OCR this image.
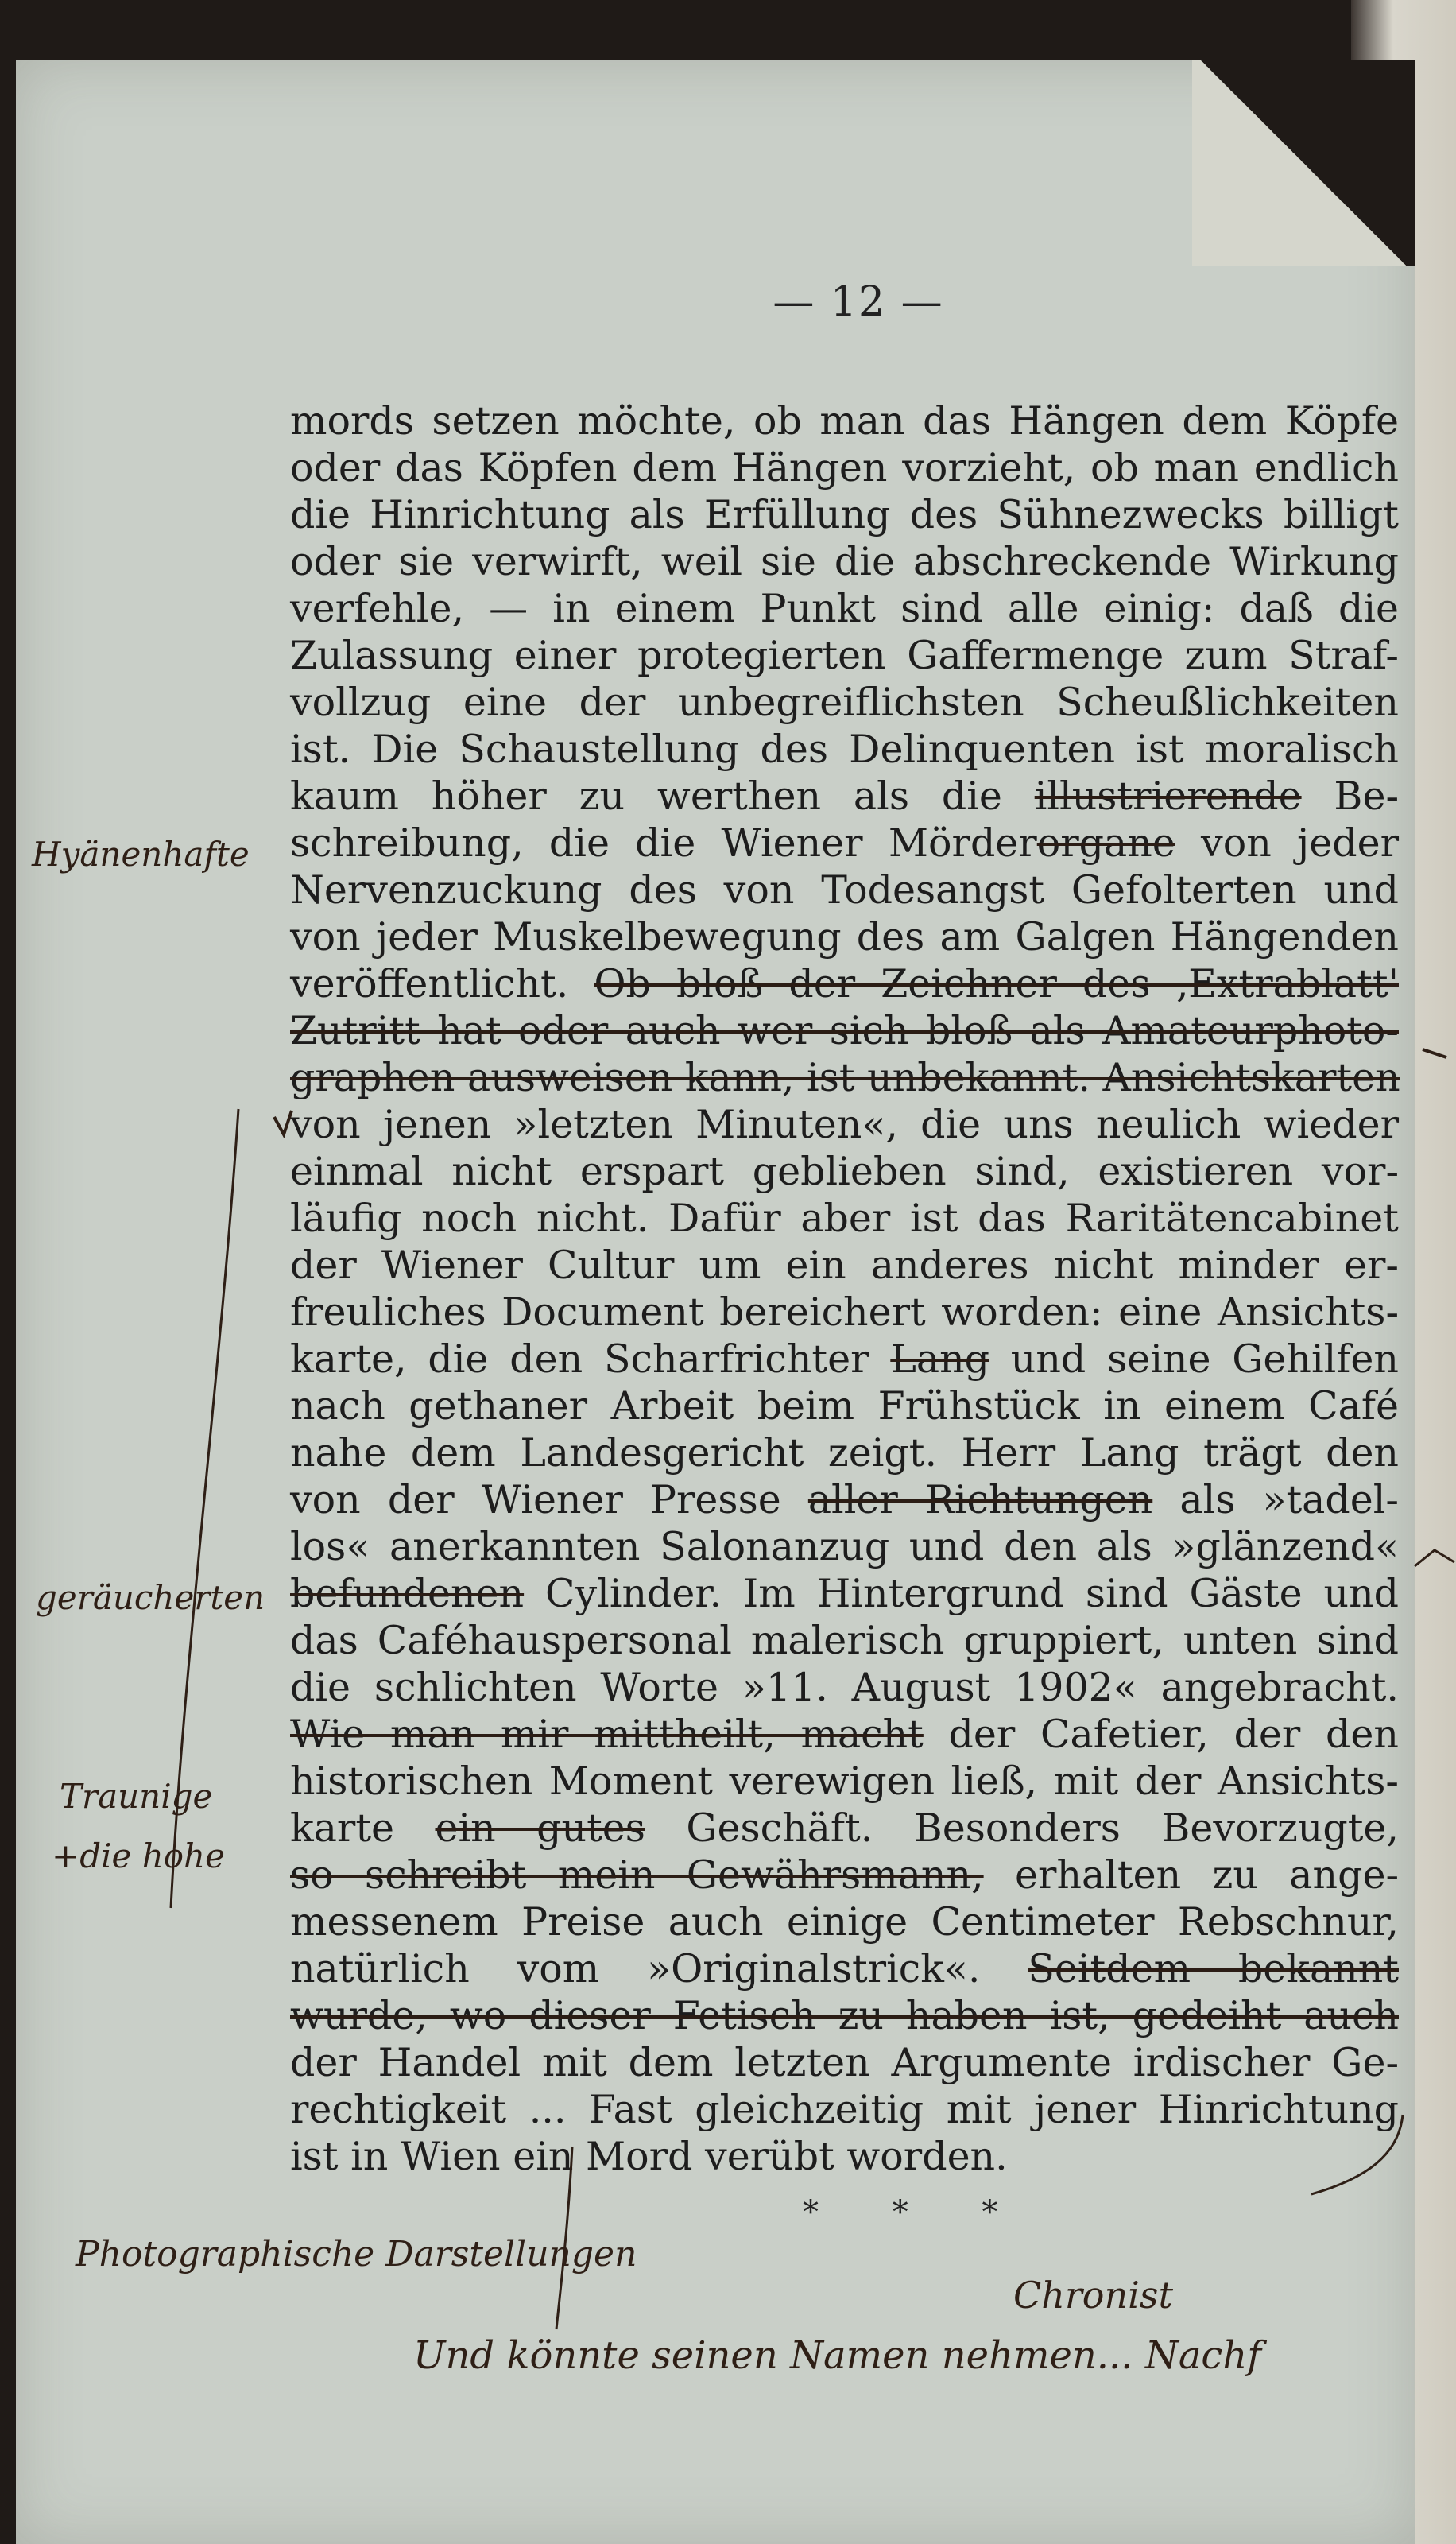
— 12 —
mords setzen möchte, ob man das Hängen dem Köpfe
oder das Köpfen dem Hängen vorzieht, ob man endlich
die Hinrichtung als Erfüllung des Sühnezwecks billigt
oder sie verwirft, weil sie die abschreckende Wirkung
verfehle, — in einem Punkt sind alle einig: daß die
Zulassung einer protegierten Gaffermenge zum Straf-
vollzug eine der unbegreiflichsten Scheußlichkeiten
ist. Die Schaustellung des Delinquenten ist moralisch
kaum höher zu werthen als die illustrierende Be-
schreibung, die die Wiener Mörderorgane von jeder
Nervenzuckung des von Todesangst Gefolterten und
von jeder Muskelbewegung des am Galgen Hängenden
veröffentlicht. Ob bloß der Zeichner des ‚Extrablatt'
Zutritt hat oder auch wer sich bloß als Amateurphoto-
graphen ausweisen kann, ist unbekannt. Ansichtskarten
von jenen »letzten Minuten«, die uns neulich wieder
einmal nicht erspart geblieben sind, existieren vor-
läufig noch nicht. Dafür aber ist das Raritätencabinet
der Wiener Cultur um ein anderes nicht minder er-
freuliches Document bereichert worden: eine Ansichts-
karte, die den Scharfrichter Lang und seine Gehilfen
nach gethaner Arbeit beim Frühstück in einem Café
nahe dem Landesgericht zeigt. Herr Lang trägt den
von der Wiener Presse aller Richtungen als »tadel-
los« anerkannten Salonanzug und den als »glänzend«
befundenen Cylinder. Im Hintergrund sind Gäste und
das Caféhauspersonal malerisch gruppiert, unten sind
die schlichten Worte »11. August 1902« angebracht.
Wie man mir mittheilt, macht der Cafetier, der den
historischen Moment verewigen ließ, mit der Ansichts-
karte ein gutes Geschäft. Besonders Bevorzugte,
so schreibt mein Gewährsmann, erhalten zu ange-
messenem Preise auch einige Centimeter Rebschnur,
natürlich vom »Originalstrick«. Seitdem bekannt
wurde, wo dieser Fetisch zu haben ist, gedeiht auch
der Handel mit dem letzten Argumente irdischer Ge-
rechtigkeit ... Fast gleichzeitig mit jener Hinrichtung
ist in Wien ein Mord verübt worden.
* * *
Hyänenhafte
geräucherten
Traunige
+die hohe
Photographische Darstellungen
Chronist
Und könnte seinen Namen nehmen... Nachf
